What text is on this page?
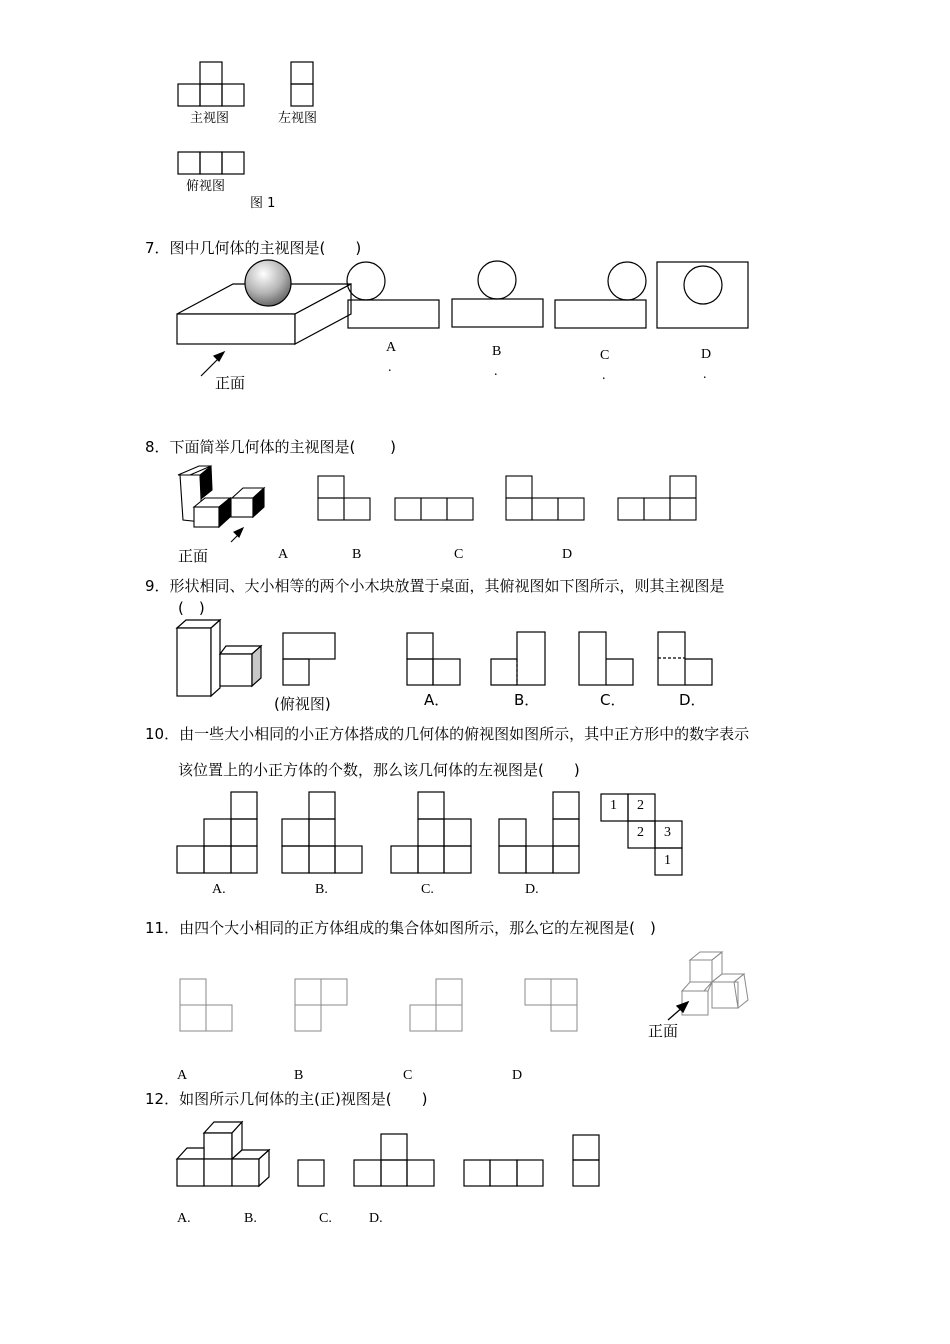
主视图	左视图
俯视图
图 1
7．图中几何体的主视图是(　　)
正面
A
.
B
.
C
.
D
.
8．下面简举几何体的主视图是(　　 )
正面	A	B	C	D
9．形状相同、大小相等的两个小木块放置于桌面，其俯视图如下图所示，则其主视图是
(　)
(俯视图)	A．	B．	C．	D．
10．由一些大小相同的小正方体搭成的几何体的俯视图如图所示，其中正方形中的数字表示
该位置上的小正方体的个数，那么该几何体的左视图是(　　)
1 2
2 3
1
A.	B.	C.	D.
11．由四个大小相同的正方体组成的集合体如图所示，那么它的左视图是(　)
正面
A	B	C	D
12．如图所示几何体的主(正)视图是(　　)
A.	B.	C.	D.
